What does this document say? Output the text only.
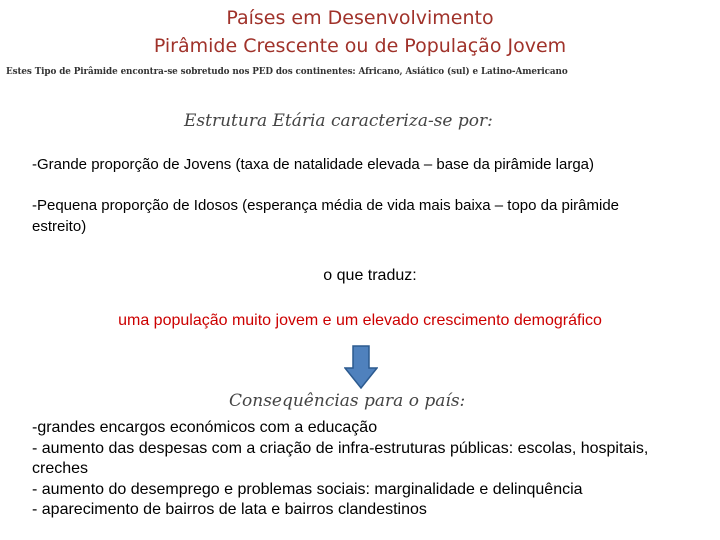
Países em Desenvolvimento
Pirâmide Crescente ou de População Jovem
Estes Tipo de Pirâmide encontra-se sobretudo nos PED dos continentes: Africano, Asiático (sul) e Latino-Americano
Estrutura Etária caracteriza-se por:
-Grande proporção de Jovens (taxa de natalidade elevada – base da pirâmide larga)
-Pequena proporção de Idosos (esperança média de vida mais baixa – topo da pirâmide estreito)
o que traduz:
uma população muito jovem e um elevado crescimento demográfico
Consequências para o país:
-grandes encargos económicos com a educação
- aumento das despesas com a criação de infra-estruturas públicas: escolas, hospitais, creches
- aumento do desemprego e problemas sociais: marginalidade e delinquência
- aparecimento de bairros de lata e bairros clandestinos
